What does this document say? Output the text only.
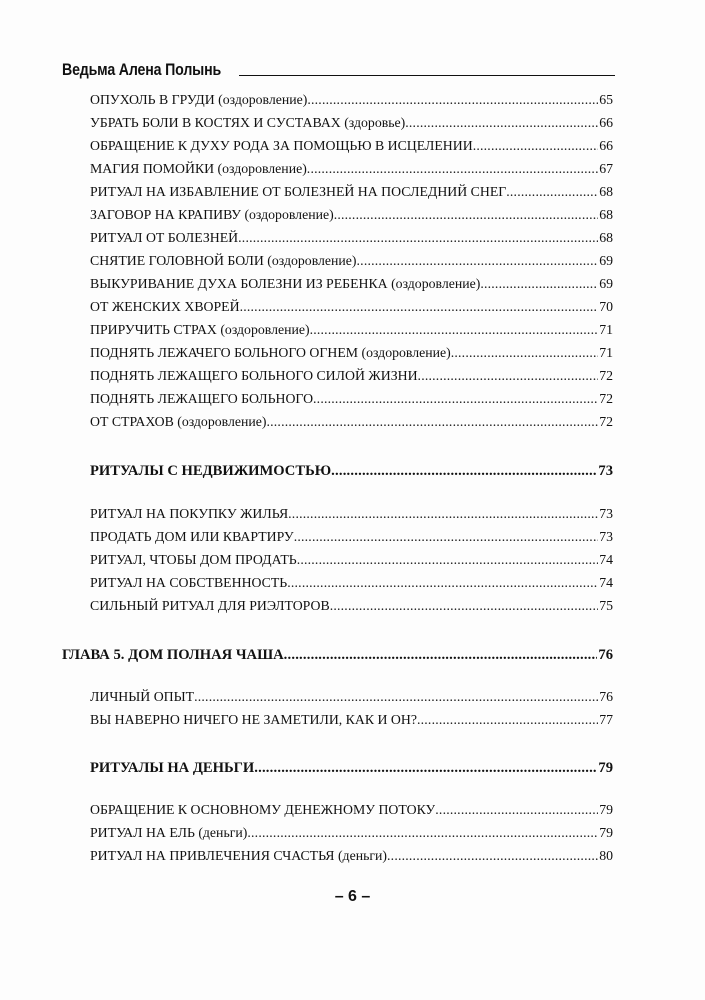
Ведьма Алена Полынь
ОПУХОЛЬ В ГРУДИ (оздоровление) .....	65
УБРАТЬ БОЛИ В КОСТЯХ И СУСТАВАХ (здоровье) .....	66
ОБРАЩЕНИЕ К ДУХУ РОДА ЗА ПОМОЩЬЮ В ИСЦЕЛЕНИИ .....	66
МАГИЯ ПОМОЙКИ (оздоровление) .....	67
РИТУАЛ НА ИЗБАВЛЕНИЕ ОТ БОЛЕЗНЕЙ НА ПОСЛЕДНИЙ СНЕГ .....	68
ЗАГОВОР НА КРАПИВУ (оздоровление) .....	68
РИТУАЛ ОТ БОЛЕЗНЕЙ .....	68
СНЯТИЕ ГОЛОВНОЙ БОЛИ (оздоровление) .....	69
ВЫКУРИВАНИЕ ДУХА БОЛЕЗНИ ИЗ РЕБЕНКА (оздоровление) .....	69
ОТ ЖЕНСКИХ ХВОРЕЙ .....	70
ПРИРУЧИТЬ СТРАХ (оздоровление) .....	71
ПОДНЯТЬ ЛЕЖАЧЕГО БОЛЬНОГО ОГНЕМ (оздоровление) .....	71
ПОДНЯТЬ ЛЕЖАЩЕГО БОЛЬНОГО СИЛОЙ ЖИЗНИ .....	72
ПОДНЯТЬ ЛЕЖАЩЕГО БОЛЬНОГО .....	72
ОТ СТРАХОВ (оздоровление) .....	72
РИТУАЛЫ С НЕДВИЖИМОСТЬЮ .....	73
РИТУАЛ НА ПОКУПКУ ЖИЛЬЯ .....	73
ПРОДАТЬ ДОМ ИЛИ КВАРТИРУ .....	73
РИТУАЛ, ЧТОБЫ ДОМ ПРОДАТЬ .....	74
РИТУАЛ НА СОБСТВЕННОСТЬ .....	74
СИЛЬНЫЙ РИТУАЛ ДЛЯ РИЭЛТОРОВ .....	75
ГЛАВА 5. ДОМ ПОЛНАЯ ЧАША .....	76
ЛИЧНЫЙ ОПЫТ .....	76
ВЫ НАВЕРНО НИЧЕГО НЕ ЗАМЕТИЛИ, КАК И ОН? .....	77
РИТУАЛЫ НА ДЕНЬГИ .....	79
ОБРАЩЕНИЕ К ОСНОВНОМУ ДЕНЕЖНОМУ ПОТОКУ .....	79
РИТУАЛ НА ЕЛЬ (деньги) .....	79
РИТУАЛ НА ПРИВЛЕЧЕНИЯ СЧАСТЬЯ (деньги) .....	80
– 6 –
